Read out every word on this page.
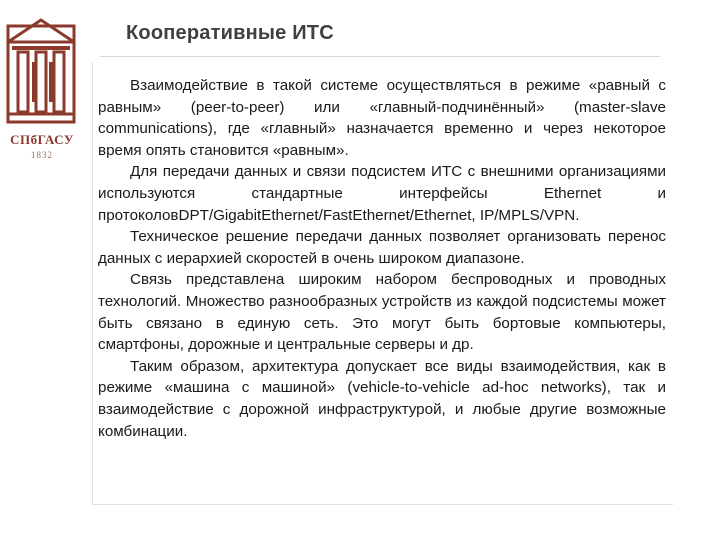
СПбГАСУ
1832
Кооперативные ИТС

Взаимодействие в такой системе осуществляться в режиме «равный с равным» (peer-to-peer) или «главный-подчинённый» (master-slave communications), где «главный» назначается временно и через некоторое время опять становится «равным».

Для передачи данных и связи подсистем ИТС с внешними организациями используются стандартные интерфейсы Ethernet и протоколовDPT/GigabitEthernet/FastEthernet/Ethernet, IP/MPLS/VPN.

Техническое решение передачи данных позволяет организовать перенос данных с иерархией скоростей в очень широком диапазоне.

Связь представлена широким набором беспроводных и проводных технологий. Множество разнообразных устройств из каждой подсистемы может быть связано в единую сеть. Это могут быть бортовые компьютеры, смартфоны, дорожные и центральные серверы и др.

Таким образом, архитектура допускает все виды взаимодействия, как в режиме «машина с машиной» (vehicle-to-vehicle ad-hoc networks), так и взаимодействие с дорожной инфраструктурой, и любые другие возможные комбинации.
